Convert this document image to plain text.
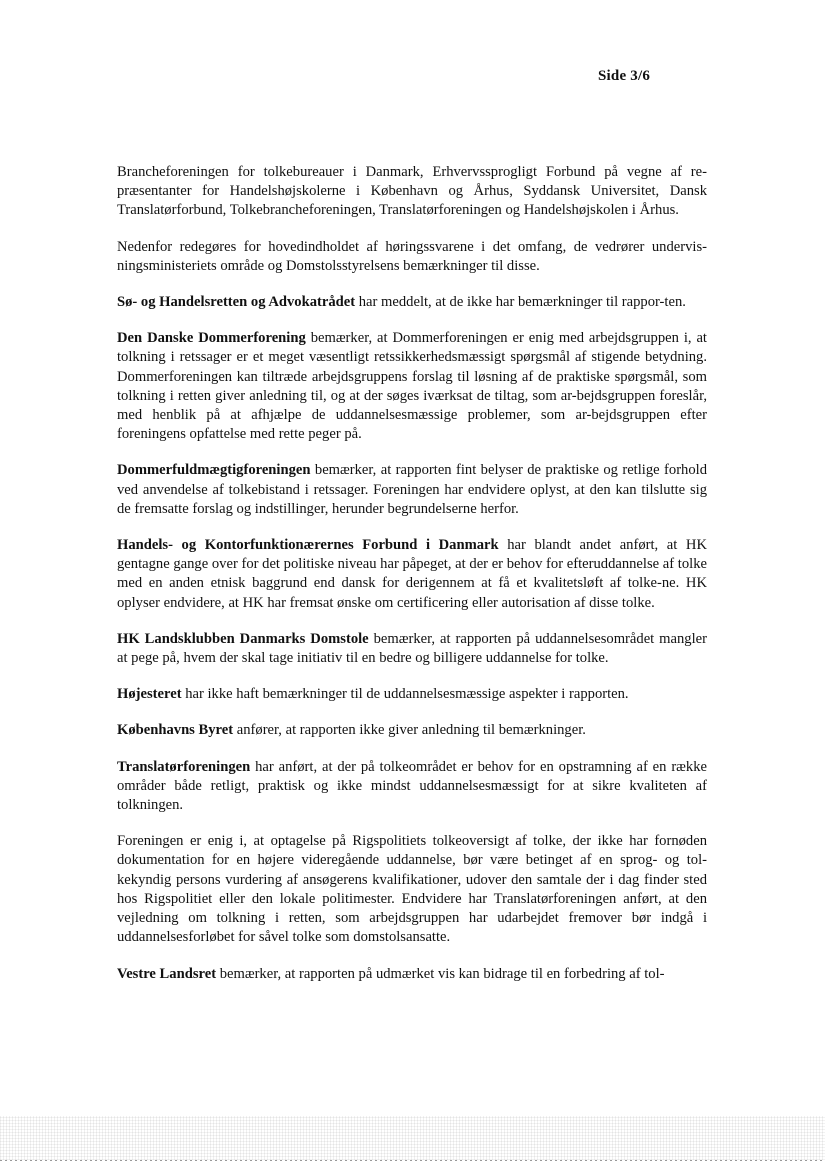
Side 3/6

Brancheforeningen for tolkebureauer i Danmark, Erhvervssprogligt Forbund på vegne af re-præsentanter for Handelshøjskolerne i København og Århus, Syddansk Universitet, Dansk Translatørforbund, Tolkebrancheforeningen, Translatørforeningen og Handelshøjskolen i Århus.

Nedenfor redegøres for hovedindholdet af høringssvarene i det omfang, de vedrører undervis-ningsministeriets område og Domstolsstyrelsens bemærkninger til disse.

Sø- og Handelsretten og Advokatrådet har meddelt, at de ikke har bemærkninger til rappor-ten.

Den Danske Dommerforening bemærker, at Dommerforeningen er enig med arbejdsgruppen i, at tolkning i retssager er et meget væsentligt retssikkerhedsmæssigt spørgsmål af stigende betydning. Dommerforeningen kan tiltræde arbejdsgruppens forslag til løsning af de praktiske spørgsmål, som tolkning i retten giver anledning til, og at der søges iværksat de tiltag, som ar-bejdsgruppen foreslår, med henblik på at afhjælpe de uddannelsesmæssige problemer, som ar-bejdsgruppen efter foreningens opfattelse med rette peger på.

Dommerfuldmægtigforeningen bemærker, at rapporten fint belyser de praktiske og retlige forhold ved anvendelse af tolkebistand i retssager. Foreningen har endvidere oplyst, at den kan tilslutte sig de fremsatte forslag og indstillinger, herunder begrundelserne herfor.

Handels- og Kontorfunktionærernes Forbund i Danmark har blandt andet anført, at HK gentagne gange over for det politiske niveau har påpeget, at der er behov for efteruddannelse af tolke med en anden etnisk baggrund end dansk for derigennem at få et kvalitetsløft af tolke-ne. HK oplyser endvidere, at HK har fremsat ønske om certificering eller autorisation af disse tolke.

HK Landsklubben Danmarks Domstole bemærker, at rapporten på uddannelsesområdet mangler at pege på, hvem der skal tage initiativ til en bedre og billigere uddannelse for tolke.

Højesteret har ikke haft bemærkninger til de uddannelsesmæssige aspekter i rapporten.

Københavns Byret anfører, at rapporten ikke giver anledning til bemærkninger.

Translatørforeningen har anført, at der på tolkeområdet er behov for en opstramning af en række områder både retligt, praktisk og ikke mindst uddannelsesmæssigt for at sikre kvaliteten af tolkningen.

Foreningen er enig i, at optagelse på Rigspolitiets tolkeoversigt af tolke, der ikke har fornøden dokumentation for en højere videregående uddannelse, bør være betinget af en sprog- og tol-kekyndig persons vurdering af ansøgerens kvalifikationer, udover den samtale der i dag finder sted hos Rigspolitiet eller den lokale politimester. Endvidere har Translatørforeningen anført, at den vejledning om tolkning i retten, som arbejdsgruppen har udarbejdet fremover bør indgå i uddannelsesforløbet for såvel tolke som domstolsansatte.

Vestre Landsret bemærker, at rapporten på udmærket vis kan bidrage til en forbedring af tol-
